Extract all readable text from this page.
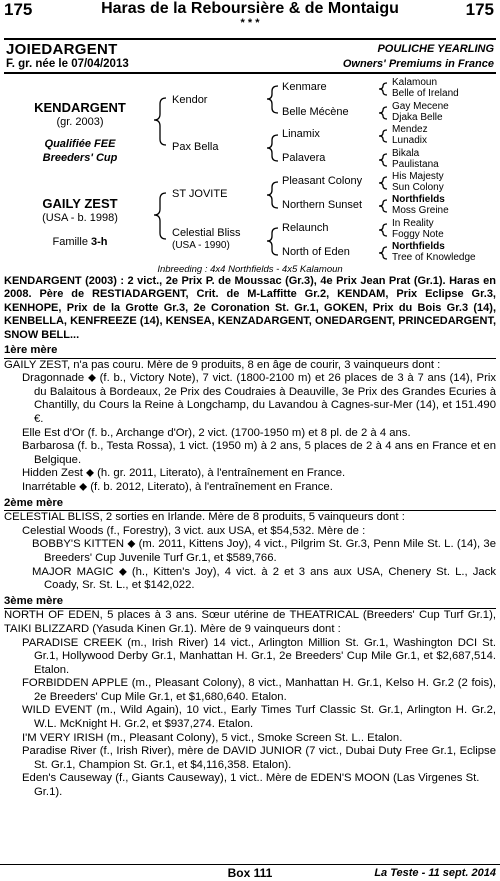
175	Haras de la Reboursière & de Montaigu
* * *
175
JOIEDARGENT
F. gr. née le 07/04/2013
POULICHE YEARLING
Owners' Premiums in France
KENDARGENT
(gr. 2003)
Qualifiée FEE
Breeders' Cup
GAILY ZEST
(USA - b. 1998)
Famille 3-h
Kendor
Pax Bella
ST JOVITE
Celestial Bliss
(USA - 1990)
Kenmare
Belle Mécène
Linamix
Palavera
Pleasant Colony
Northern Sunset
Relaunch
North of Eden
Kalamoun
Belle of Ireland
Gay Mecene
Djaka Belle
Mendez
Lunadix
Bikala
Paulistana
His Majesty
Sun Colony
Northfields
Moss Greine
In Reality
Foggy Note
Northfields
Tree of Knowledge
Inbreeding : 4x4 Northfields - 4x5 Kalamoun

KENDARGENT (2003) : 2 vict., 2e Prix P. de Moussac (Gr.3), 4e Prix Jean Prat (Gr.1). Haras en 2008. Père de RESTIADARGENT, Crit. de M-Laffitte Gr.2, KENDAM, Prix Eclipse Gr.3, KENHOPE, Prix de la Grotte Gr.3, 2e Coronation St. Gr.1, GOKEN, Prix du Bois Gr.3 (14), KENBELLA, KENFREEZE (14), KENSEA, KENZADARGENT, ONEDARGENT, PRINCEDARGENT, SNOW BELL...

1ère mère

GAILY ZEST, n'a pas couru. Mère de 9 produits, 8 en âge de courir, 3 vainqueurs dont :

Dragonnade ⬥ (f. b., Victory Note), 7 vict. (1800-2100 m) et 26 places de 3 à 7 ans (14), Prix du Balaitous à Bordeaux, 2e Prix des Coudraies à Deauville, 3e Prix des Grandes Ecuries à Chantilly, du Cours la Reine à Longchamp, du Lavandou à Cagnes-sur-Mer (14), et 151.490 €.

Elle Est d'Or (f. b., Archange d'Or), 2 vict. (1700-1950 m) et 8 pl. de 2 à 4 ans.

Barbarosa (f. b., Testa Rossa), 1 vict. (1950 m) à 2 ans, 5 places de 2 à 4 ans en France et en Belgique.

Hidden Zest ⬥ (h. gr. 2011, Literato), à l'entraînement en France.

Inarrétable ⬥ (f. b. 2012, Literato), à l'entraînement en France.

2ème mère

CELESTIAL BLISS, 2 sorties en Irlande. Mère de 8 produits, 5 vainqueurs dont :

Celestial Woods (f., Forestry), 3 vict. aux USA, et $54,532. Mère de :

BOBBY'S KITTEN ⬥ (m. 2011, Kittens Joy), 4 vict., Pilgrim St. Gr.3, Penn Mile St. L. (14), 3e Breeders' Cup Juvenile Turf Gr.1, et $589,766.

MAJOR MAGIC ⬥ (h., Kitten's Joy), 4 vict. à 2 et 3 ans aux USA, Chenery St. L., Jack Coady, Sr. St. L., et $142,022.

3ème mère

NORTH OF EDEN, 5 places à 3 ans. Sœur utérine de THEATRICAL (Breeders' Cup Turf Gr.1), TAIKI BLIZZARD (Yasuda Kinen Gr.1). Mère de 9 vainqueurs dont :

PARADISE CREEK (m., Irish River) 14 vict., Arlington Million St. Gr.1, Washington DCI St. Gr.1, Hollywood Derby Gr.1, Manhattan H. Gr.1, 2e Breeders' Cup Mile Gr.1, et $2,687,514. Etalon.

FORBIDDEN APPLE (m., Pleasant Colony), 8 vict., Manhattan H. Gr.1, Kelso H. Gr.2 (2 fois), 2e Breeders' Cup Mile Gr.1, et $1,680,640. Etalon.

WILD EVENT (m., Wild Again), 10 vict., Early Times Turf Classic St. Gr.1, Arlington H. Gr.2, W.L. McKnight H. Gr.2, et $937,274. Etalon.

I'M VERY IRISH (m., Pleasant Colony), 5 vict., Smoke Screen St. L.. Etalon.

Paradise River (f., Irish River), mère de DAVID JUNIOR (7 vict., Dubai Duty Free Gr.1, Eclipse St. Gr.1, Champion St. Gr.1, et $4,116,358. Etalon).

Eden's Causeway (f., Giants Causeway), 1 vict.. Mère de EDEN'S MOON (Las Virgenes St. Gr.1).

Box 111	La Teste - 11 sept. 2014
